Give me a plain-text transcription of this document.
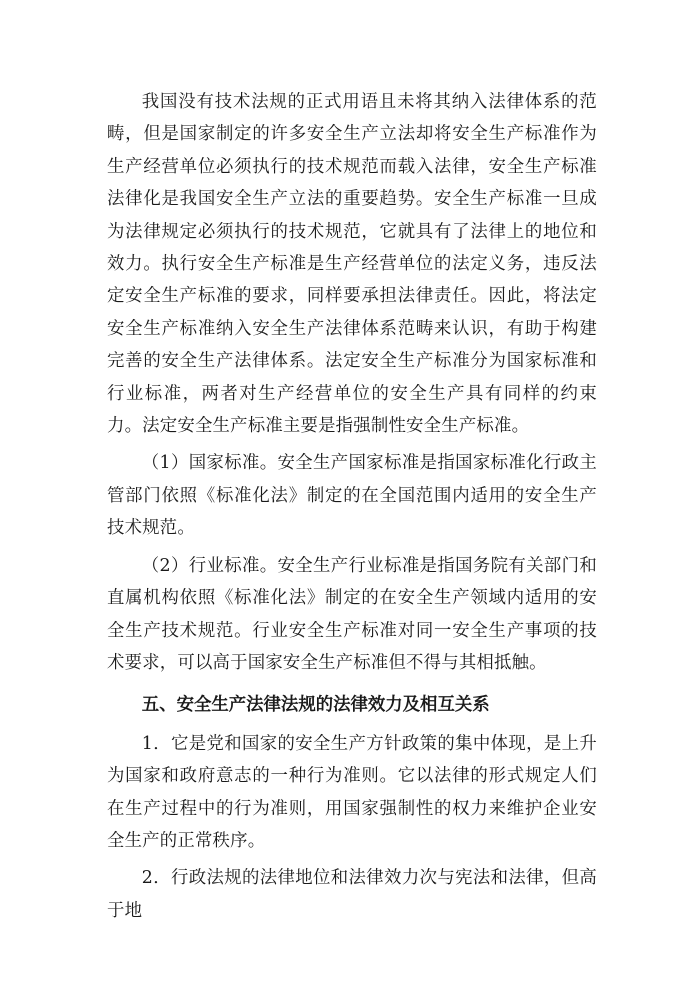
我国没有技术法规的正式用语且未将其纳入法律体系的范畴，但是国家制定的许多安全生产立法却将安全生产标准作为生产经营单位必须执行的技术规范而载入法律，安全生产标准法律化是我国安全生产立法的重要趋势。安全生产标准一旦成为法律规定必须执行的技术规范，它就具有了法律上的地位和效力。执行安全生产标准是生产经营单位的法定义务，违反法定安全生产标准的要求，同样要承担法律责任。因此，将法定安全生产标准纳入安全生产法律体系范畴来认识，有助于构建完善的安全生产法律体系。法定安全生产标准分为国家标准和行业标准，两者对生产经营单位的安全生产具有同样的约束力。法定安全生产标准主要是指强制性安全生产标准。

（1）国家标准。安全生产国家标准是指国家标准化行政主管部门依照《标准化法》制定的在全国范围内适用的安全生产技术规范。

（2）行业标准。安全生产行业标准是指国务院有关部门和直属机构依照《标准化法》制定的在安全生产领域内适用的安全生产技术规范。行业安全生产标准对同一安全生产事项的技术要求，可以高于国家安全生产标准但不得与其相抵触。

五、安全生产法律法规的法律效力及相互关系

1．它是党和国家的安全生产方针政策的集中体现，是上升为国家和政府意志的一种行为准则。它以法律的形式规定人们在生产过程中的行为准则，用国家强制性的权力来维护企业安全生产的正常秩序。

2．行政法规的法律地位和法律效力次与宪法和法律，但高于地
